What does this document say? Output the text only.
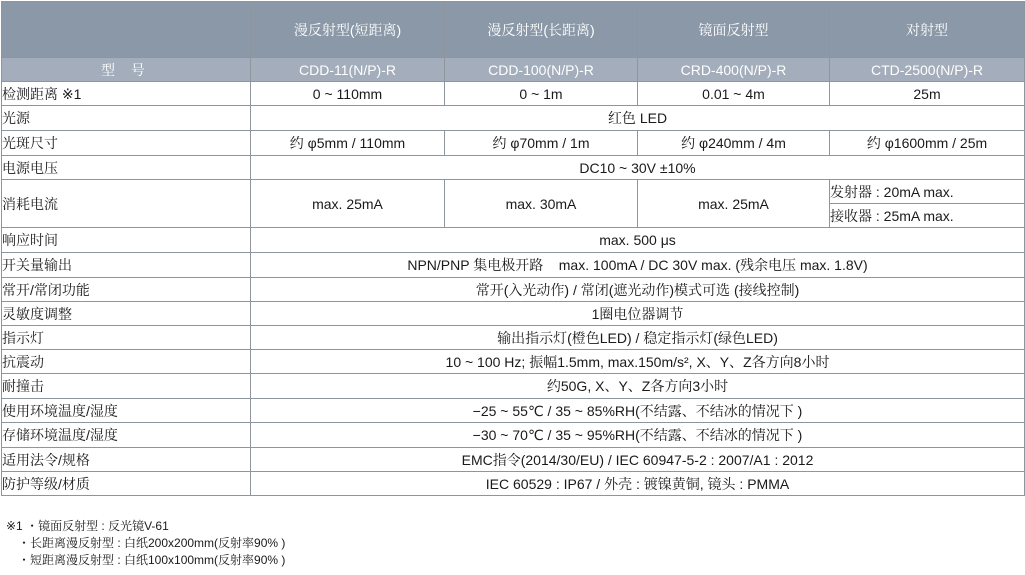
	漫反射型(短距离)	漫反射型(长距离)	镜面反射型	对射型
型 号	CDD-11(N/P)-R	CDD-100(N/P)-R	CRD-400(N/P)-R	CTD-2500(N/P)-R
检测距离 ※1	0 ~ 110mm	0 ~ 1m	0.01 ~ 4m	25m
光源	红色 LED			
光斑尺寸	约 φ5mm / 110mm	约 φ70mm / 1m	约 φ240mm / 4m	约 φ1600mm / 25m
电源电压	DC10 ~ 30V ±10%			
消耗电流	max. 25mA	max. 30mA	max. 25mA	发射器 : 20mA max.
				接收器 : 25mA max.
响应时间	max. 500 μs			
开关量输出	NPN/PNP 集电极开路    max. 100mA / DC 30V max. (残余电压 max. 1.8V)			
常开/常闭功能	常开(入光动作) / 常闭(遮光动作)模式可选 (接线控制)			
灵敏度调整	1圈电位器调节			
指示灯	输出指示灯(橙色LED) / 稳定指示灯(绿色LED)			
抗震动	10 ~ 100 Hz; 振幅1.5mm, max.150m/s², X、Y、Z各方向8小时			
耐撞击	约50G, X、Y、Z各方向3小时			
使用环境温度/湿度	−25 ~ 55℃ / 35 ~ 85%RH(不结露、不结冰的情况下 )			
存储环境温度/湿度	−30 ~ 70℃ / 35 ~ 95%RH(不结露、不结冰的情况下 )			
适用法令/规格	EMC指令(2014/30/EU) / IEC 60947-5-2 : 2007/A1 : 2012			
防护等级/材质	IEC 60529 : IP67 / 外壳 : 镀镍黄铜, 镜头 : PMMA			
※1 ・镜面反射型 : 反光镜V-61
・长距离漫反射型 : 白纸200x200mm(反射率90% )
・短距离漫反射型 : 白纸100x100mm(反射率90% )
